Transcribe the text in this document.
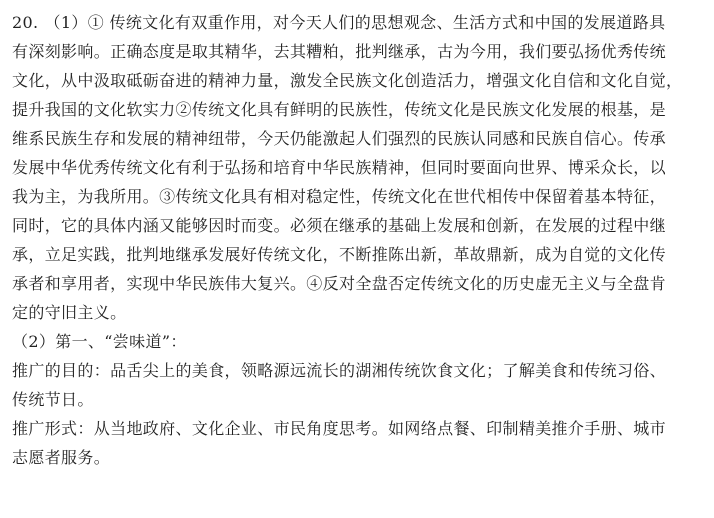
20. （1）① 传统文化有双重作用，对今天人们的思想观念、生活方式和中国的发展道路具
有深刻影响。正确态度是取其精华，去其糟粕，批判继承，古为今用，我们要弘扬优秀传统
文化，从中汲取砥砺奋进的精神力量，激发全民族文化创造活力，增强文化自信和文化自觉，
提升我国的文化软实力②传统文化具有鲜明的民族性，传统文化是民族文化发展的根基，是
维系民族生存和发展的精神纽带，今天仍能激起人们强烈的民族认同感和民族自信心。传承
发展中华优秀传统文化有利于弘扬和培育中华民族精神，但同时要面向世界、博采众长，以
我为主，为我所用。③传统文化具有相对稳定性，传统文化在世代相传中保留着基本特征，
同时，它的具体内涵又能够因时而变。必须在继承的基础上发展和创新，在发展的过程中继
承，立足实践，批判地继承发展好传统文化，不断推陈出新，革故鼎新，成为自觉的文化传
承者和享用者，实现中华民族伟大复兴。④反对全盘否定传统文化的历史虚无主义与全盘肯
定的守旧主义。
（2）第一、“尝味道”：
推广的目的：品舌尖上的美食，领略源远流长的湖湘传统饮食文化；了解美食和传统习俗、
传统节日。
推广形式：从当地政府、文化企业、市民角度思考。如网络点餐、印制精美推介手册、城市
志愿者服务。
